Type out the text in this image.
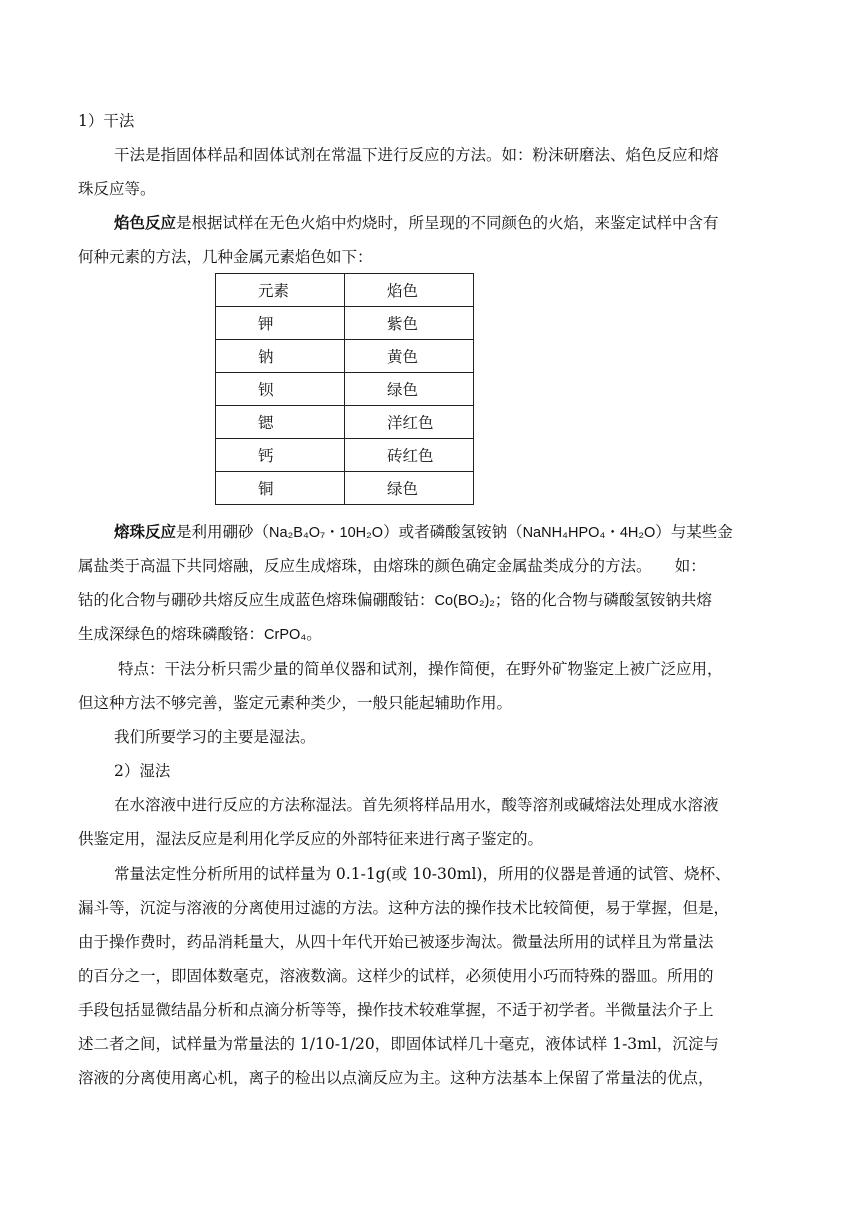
1）干法
干法是指固体样品和固体试剂在常温下进行反应的方法。如：粉沫研磨法、焰色反应和熔
珠反应等。
焰色反应是根据试样在无色火焰中灼烧时，所呈现的不同颜色的火焰，来鉴定试样中含有
何种元素的方法，几种金属元素焰色如下：
元素	焰色
钾	紫色
钠	黄色
钡	绿色
锶	洋红色
钙	砖红色
铜	绿色
熔珠反应是利用硼砂（Na₂B₄O₇・10H₂O）或者磷酸氢铵钠（NaNH₄HPO₄・4H₂O）与某些金
属盐类于高温下共同熔融，反应生成熔珠，由熔珠的颜色确定金属盐类成分的方法。　　如：
钴的化合物与硼砂共熔反应生成蓝色熔珠偏硼酸钴：Co(BO₂)₂；铬的化合物与磷酸氢铵钠共熔
生成深绿色的熔珠磷酸铬：CrPO₄。
特点：干法分析只需少量的简单仪器和试剂，操作简便，在野外矿物鉴定上被广泛应用，
但这种方法不够完善，鉴定元素种类少，一般只能起辅助作用。
我们所要学习的主要是湿法。
2）湿法
在水溶液中进行反应的方法称湿法。首先须将样品用水，酸等溶剂或碱熔法处理成水溶液
供鉴定用，湿法反应是利用化学反应的外部特征来进行离子鉴定的。
常量法定性分析所用的试样量为 0.1-1g(或 10-30ml)，所用的仪器是普通的试管、烧杯、
漏斗等，沉淀与溶液的分离使用过滤的方法。这种方法的操作技术比较简便，易于掌握，但是，
由于操作费时，药品消耗量大，从四十年代开始已被逐步淘汰。微量法所用的试样且为常量法
的百分之一，即固体数毫克，溶液数滴。这样少的试样，必须使用小巧而特殊的器皿。所用的
手段包括显微结晶分析和点滴分析等等，操作技术较难掌握，不适于初学者。半微量法介子上
述二者之间，试样量为常量法的 1/10-1/20，即固体试样几十毫克，液体试样 1-3ml，沉淀与
溶液的分离使用离心机，离子的检出以点滴反应为主。这种方法基本上保留了常量法的优点，
